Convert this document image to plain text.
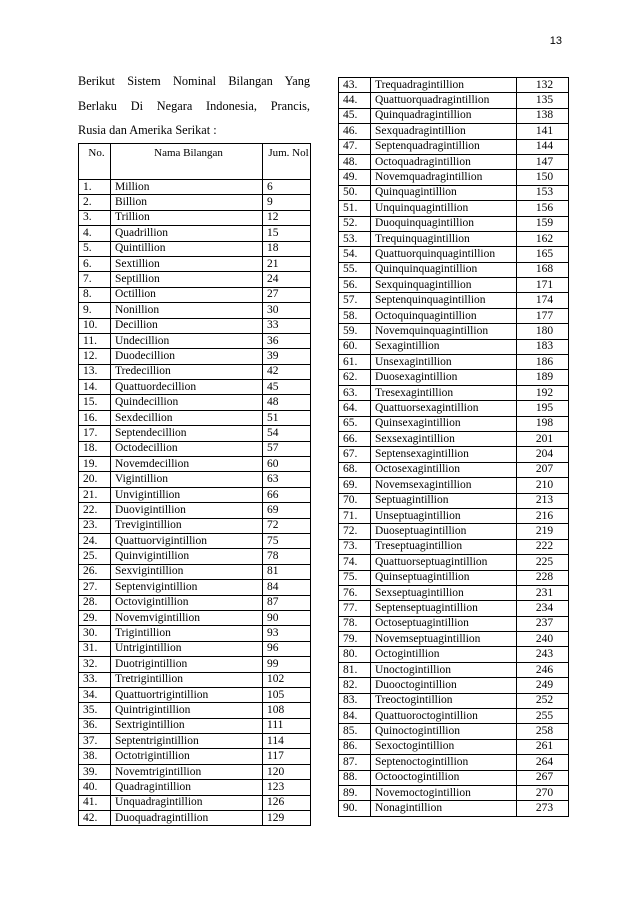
13
Berikut Sistem Nominal Bilangan Yang
Berlaku Di Negara Indonesia, Prancis,
Rusia dan Amerika Serikat :
No.	Nama Bilangan	Jum. Nol
1.	Million	6
2.	Billion	9
3.	Trillion	12
4.	Quadrillion	15
5.	Quintillion	18
6.	Sextillion	21
7.	Septillion	24
8.	Octillion	27
9.	Nonillion	30
10.	Decillion	33
11.	Undecillion	36
12.	Duodecillion	39
13.	Tredecillion	42
14.	Quattuordecillion	45
15.	Quindecillion	48
16.	Sexdecillion	51
17.	Septendecillion	54
18.	Octodecillion	57
19.	Novemdecillion	60
20.	Vigintillion	63
21.	Unvigintillion	66
22.	Duovigintillion	69
23.	Trevigintillion	72
24.	Quattuorvigintillion	75
25.	Quinvigintillion	78
26.	Sexvigintillion	81
27.	Septenvigintillion	84
28.	Octovigintillion	87
29.	Novemvigintillion	90
30.	Trigintillion	93
31.	Untrigintillion	96
32.	Duotrigintillion	99
33.	Tretrigintillion	102
34.	Quattuortrigintillion	105
35.	Quintrigintillion	108
36.	Sextrigintillion	111
37.	Septentrigintillion	114
38.	Octotrigintillion	117
39.	Novemtrigintillion	120
40.	Quadragintillion	123
41.	Unquadragintillion	126
42.	Duoquadragintillion	129
43.	Trequadragintillion	132
44.	Quattuorquadragintillion	135
45.	Quinquadragintillion	138
46.	Sexquadragintillion	141
47.	Septenquadragintillion	144
48.	Octoquadragintillion	147
49.	Novemquadragintillion	150
50.	Quinquagintillion	153
51.	Unquinquagintillion	156
52.	Duoquinquagintillion	159
53.	Trequinquagintillion	162
54.	Quattuorquinquagintillion	165
55.	Quinquinquagintillion	168
56.	Sexquinquagintillion	171
57.	Septenquinquagintillion	174
58.	Octoquinquagintillion	177
59.	Novemquinquagintillion	180
60.	Sexagintillion	183
61.	Unsexagintillion	186
62.	Duosexagintillion	189
63.	Tresexagintillion	192
64.	Quattuorsexagintillion	195
65.	Quinsexagintillion	198
66.	Sexsexagintillion	201
67.	Septensexagintillion	204
68.	Octosexagintillion	207
69.	Novemsexagintillion	210
70.	Septuagintillion	213
71.	Unseptuagintillion	216
72.	Duoseptuagintillion	219
73.	Treseptuagintillion	222
74.	Quattuorseptuagintillion	225
75.	Quinseptuagintillion	228
76.	Sexseptuagintillion	231
77.	Septenseptuagintillion	234
78.	Octoseptuagintillion	237
79.	Novemseptuagintillion	240
80.	Octogintillion	243
81.	Unoctogintillion	246
82.	Duooctogintillion	249
83.	Treoctogintillion	252
84.	Quattuoroctogintillion	255
85.	Quinoctogintillion	258
86.	Sexoctogintillion	261
87.	Septenoctogintillion	264
88.	Octooctogintillion	267
89.	Novemoctogintillion	270
90.	Nonagintillion	273
